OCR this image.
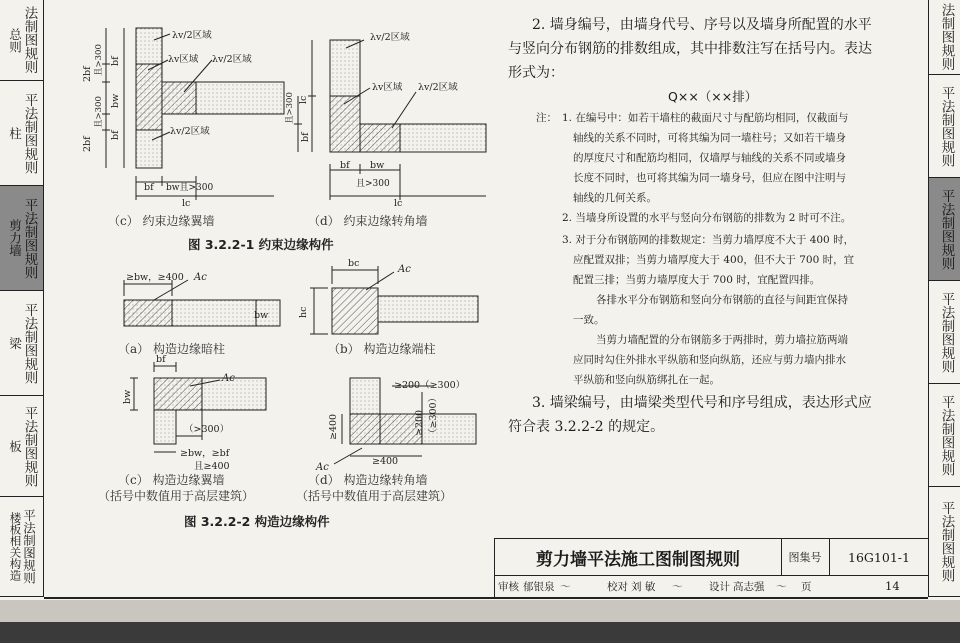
总则 法制图规则
柱 平法制图规则
剪力墙 平法制图规则
梁 平法制图规则
板 平法制图规则
楼板相关构造 平法制图规则
法制图规则
平法制图规则
平法制图规则
平法制图规则
平法制图规则
平法制图规则
λv/2区域
λv区域 λv/2区域
λv/2区域
2bf
2bf
bf
bw
bf
且>300
且>300
bf bw且>300
lc
（c） 约束边缘翼墙
λv/2区域
λv区域 λv/2区域
lc
bf
且>300
bf bw
且>300
lc
（d） 约束边缘转角墙
图 3.2.2-1 约束边缘构件
≥bw，≥400 Ac
bw
（a） 构造边缘暗柱
bc
Ac
hc
（b） 构造边缘端柱
bf
Ac
bw
（>300）
≥bw，≥bf
且≥400
（c） 构造边缘翼墙
（括号中数值用于高层建筑）
≥200（≥300）
≥200 （≥300）
≥400
≥400
Ac
（d） 构造边缘转角墙
（括号中数值用于高层建筑）
图 3.2.2-2 构造边缘构件
2. 墙身编号，由墙身代号、序号以及墙身所配置的水平
与竖向分布钢筋的排数组成，其中排数注写在括号内。表达
形式为：
Q××（××排）
注： 1. 在编号中：如若干墙柱的截面尺寸与配筋均相同，仅截面与
轴线的关系不同时，可将其编为同一墙柱号；又如若干墙身
的厚度尺寸和配筋均相同，仅墙厚与轴线的关系不同或墙身
长度不同时，也可将其编为同一墙身号，但应在图中注明与
轴线的几何关系。
2. 当墙身所设置的水平与竖向分布钢筋的排数为 2 时可不注。
3. 对于分布钢筋网的排数规定：当剪力墙厚度不大于 400 时，
应配置双排；当剪力墙厚度大于 400，但不大于 700 时，宜
配置三排；当剪力墙厚度大于 700 时，宜配置四排。
各排水平分布钢筋和竖向分布钢筋的直径与间距宜保持
一致。
当剪力墙配置的分布钢筋多于两排时，剪力墙拉筋两端
应同时勾住外排水平纵筋和竖向纵筋，还应与剪力墙内排水
平纵筋和竖向纵筋绑扎在一起。
3. 墙梁编号，由墙梁类型代号和序号组成，表达形式应
符合表 3.2.2-2 的规定。
剪力墙平法施工图制图规则	图集号	16G101-1
审核 郁银泉 〜	校对 刘 敏 〜	设计 高志强 〜 页	14
